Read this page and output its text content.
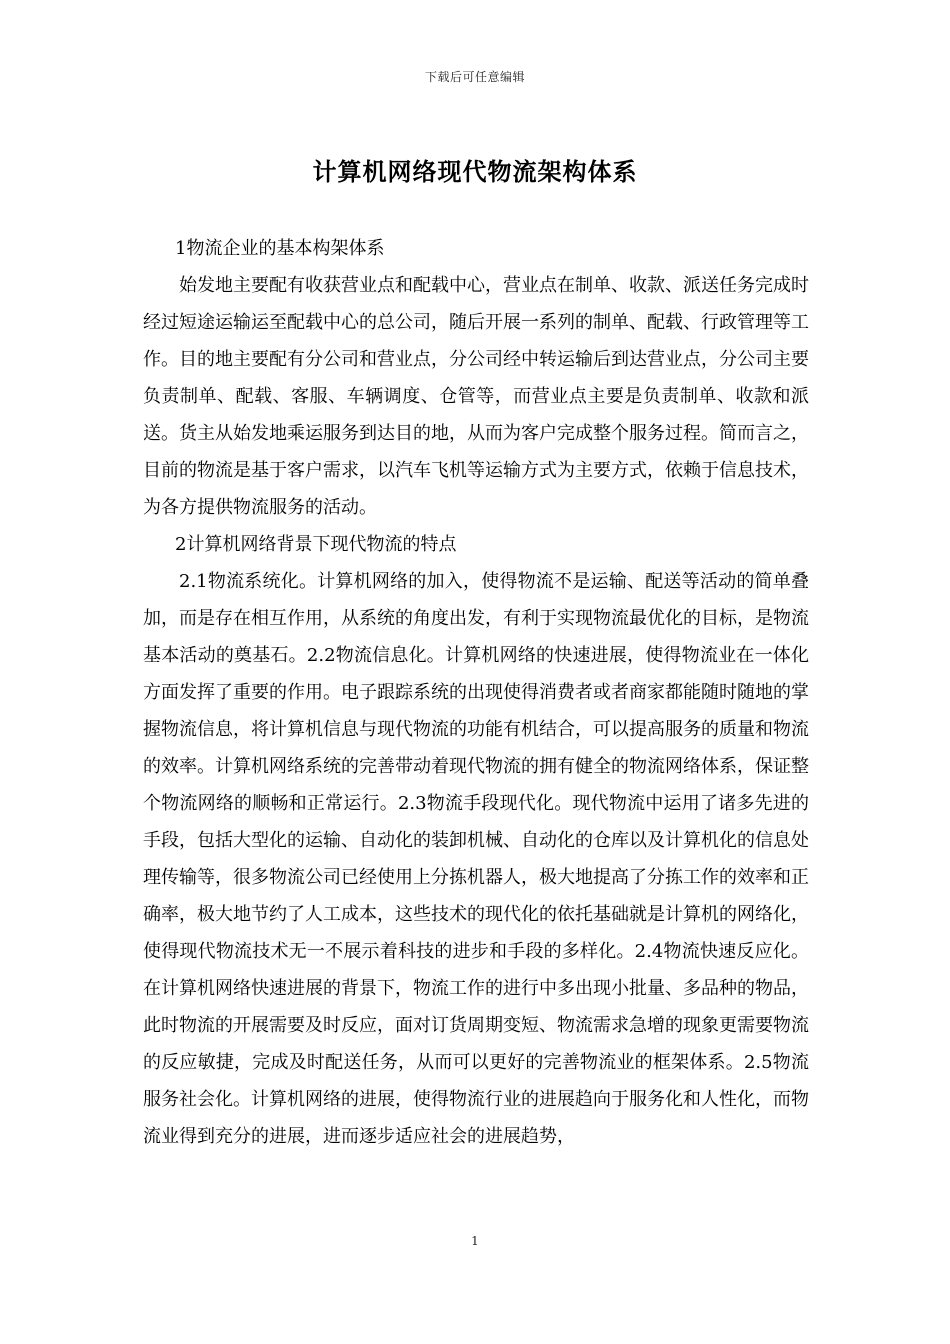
下载后可任意编辑
计算机网络现代物流架构体系

1物流企业的基本构架体系

始发地主要配有收获营业点和配载中心，营业点在制单、收款、派送任务完成时经过短途运输运至配载中心的总公司，随后开展一系列的制单、配载、行政管理等工作。目的地主要配有分公司和营业点，分公司经中转运输后到达营业点，分公司主要负责制单、配载、客服、车辆调度、仓管等，而营业点主要是负责制单、收款和派送。货主从始发地乘运服务到达目的地，从而为客户完成整个服务过程。简而言之，目前的物流是基于客户需求，以汽车飞机等运输方式为主要方式，依赖于信息技术，为各方提供物流服务的活动。

2计算机网络背景下现代物流的特点

2.1物流系统化。计算机网络的加入，使得物流不是运输、配送等活动的简单叠加，而是存在相互作用，从系统的角度出发，有利于实现物流最优化的目标，是物流基本活动的奠基石。2.2物流信息化。计算机网络的快速进展，使得物流业在一体化方面发挥了重要的作用。电子跟踪系统的出现使得消费者或者商家都能随时随地的掌握物流信息，将计算机信息与现代物流的功能有机结合，可以提高服务的质量和物流的效率。计算机网络系统的完善带动着现代物流的拥有健全的物流网络体系，保证整个物流网络的顺畅和正常运行。2.3物流手段现代化。现代物流中运用了诸多先进的手段，包括大型化的运输、自动化的装卸机械、自动化的仓库以及计算机化的信息处理传输等，很多物流公司已经使用上分拣机器人，极大地提高了分拣工作的效率和正确率，极大地节约了人工成本，这些技术的现代化的依托基础就是计算机的网络化，使得现代物流技术无一不展示着科技的进步和手段的多样化。2.4物流快速反应化。在计算机网络快速进展的背景下，物流工作的进行中多出现小批量、多品种的物品，此时物流的开展需要及时反应，面对订货周期变短、物流需求急增的现象更需要物流的反应敏捷，完成及时配送任务，从而可以更好的完善物流业的框架体系。2.5物流服务社会化。计算机网络的进展，使得物流行业的进展趋向于服务化和人性化，而物流业得到充分的进展，进而逐步适应社会的进展趋势，

1
